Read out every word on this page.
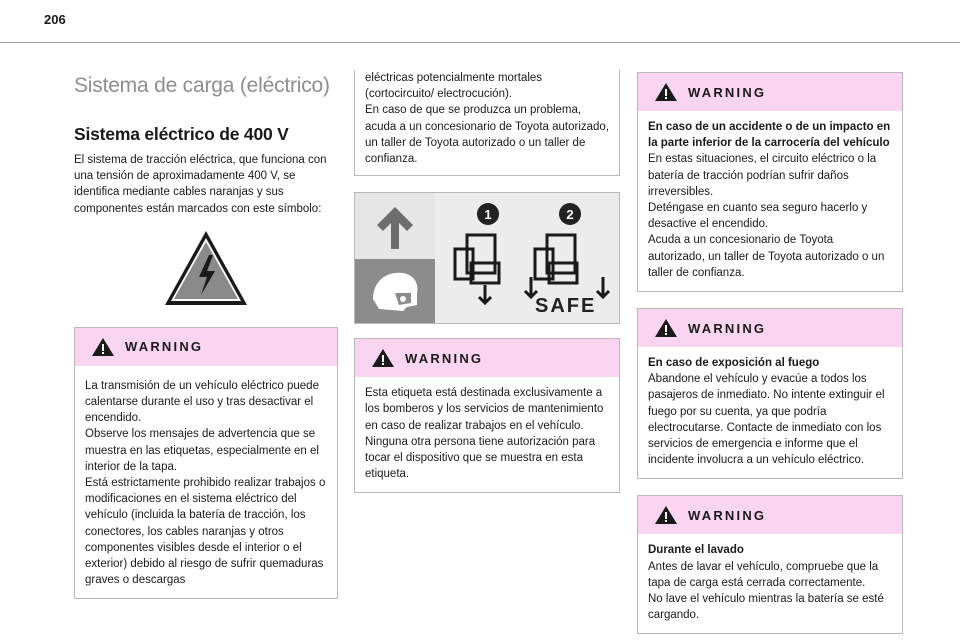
206
Sistema de carga (eléctrico)
Sistema eléctrico de 400 V

El sistema de tracción eléctrica, que funciona con una tensión de aproximadamente 400 V, se identifica mediante cables naranjas y sus componentes están marcados con este símbolo:

WARNING
La transmisión de un vehículo eléctrico puede calentarse durante el uso y tras desactivar el encendido.
Observe los mensajes de advertencia que se muestra en las etiquetas, especialmente en el interior de la tapa.
Está estrictamente prohibido realizar trabajos o modificaciones en el sistema eléctrico del vehículo (incluida la batería de tracción, los conectores, los cables naranjas y otros componentes visibles desde el interior o el exterior) debido al riesgo de sufrir quemaduras graves o descargas
eléctricas potencialmente mortales (cortocircuito/ electrocución).
En caso de que se produzca un problema, acuda a un concesionario de Toyota autorizado, un taller de Toyota autorizado o un taller de confianza.
1	2
SAFE
WARNING
Esta etiqueta está destinada exclusivamente a los bomberos y los servicios de mantenimiento en caso de realizar trabajos en el vehículo.
Ninguna otra persona tiene autorización para tocar el dispositivo que se muestra en esta etiqueta.
WARNING
En caso de un accidente o de un impacto en la parte inferior de la carrocería del vehículo
En estas situaciones, el circuito eléctrico o la batería de tracción podrían sufrir daños irreversibles.
Deténgase en cuanto sea seguro hacerlo y desactive el encendido.
Acuda a un concesionario de Toyota autorizado, un taller de Toyota autorizado o un taller de confianza.
WARNING
En caso de exposición al fuego
Abandone el vehículo y evacúe a todos los pasajeros de inmediato. No intente extinguir el fuego por su cuenta, ya que podría electrocutarse. Contacte de inmediato con los servicios de emergencia e informe que el incidente involucra a un vehículo eléctrico.
WARNING
Durante el lavado
Antes de lavar el vehículo, compruebe que la tapa de carga está cerrada correctamente.
No lave el vehículo mientras la batería se esté cargando.
